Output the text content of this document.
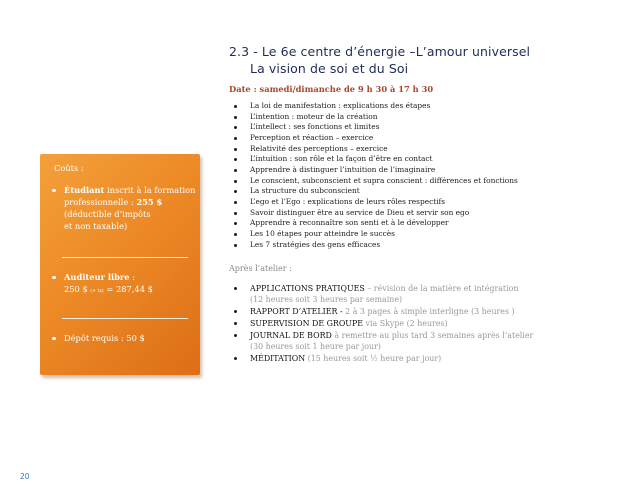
2.3 - Le 6e centre d’énergie –L’amour universel
La vision de soi et du Soi
Date : samedi/dimanche de 9 h 30 à 17 h 30
La loi de manifestation : explications des étapes
L’intention : moteur de la création
L’intellect : ses fonctions et limites
Perception et réaction – exercice
Relativité des perceptions – exercice
L’intuition : son rôle et la façon d’être en contact
Apprendre à distinguer l’intuition de l’imaginaire
Le conscient, subconscient et supra conscient : différences et fonctions
La structure du subconscient
L’ego et l’Ego : explications de leurs rôles respectifs
Savoir distinguer être au service de Dieu et servir son ego
Apprendre à reconnaître son senti et à le développer
Les 10 étapes pour atteindre le succès
Les 7 stratégies des gens efficaces
Après l’atelier :
APPLICATIONS PRATIQUES – révision de la matière et intégration
(12 heures soit 3 heures par semaine)
RAPPORT D’ATELIER - 2 à 3 pages à simple interligne (3 heures )
SUPERVISION DE GROUPE via Skype (2 heures)
JOURNAL DE BORD à remettre au plus tard 3 semaines après l’atelier
(30 heures soit 1 heure par jour)
MÉDITATION (15 heures soit ½ heure par jour)
Coûts :
Étudiant inscrit à la formation
professionnelle : 255 $
(déductible d’impôts
et non taxable)
Auditeur libre :
250 $ (+ tx) = 287,44 $
Dépôt requis : 50 $
20
